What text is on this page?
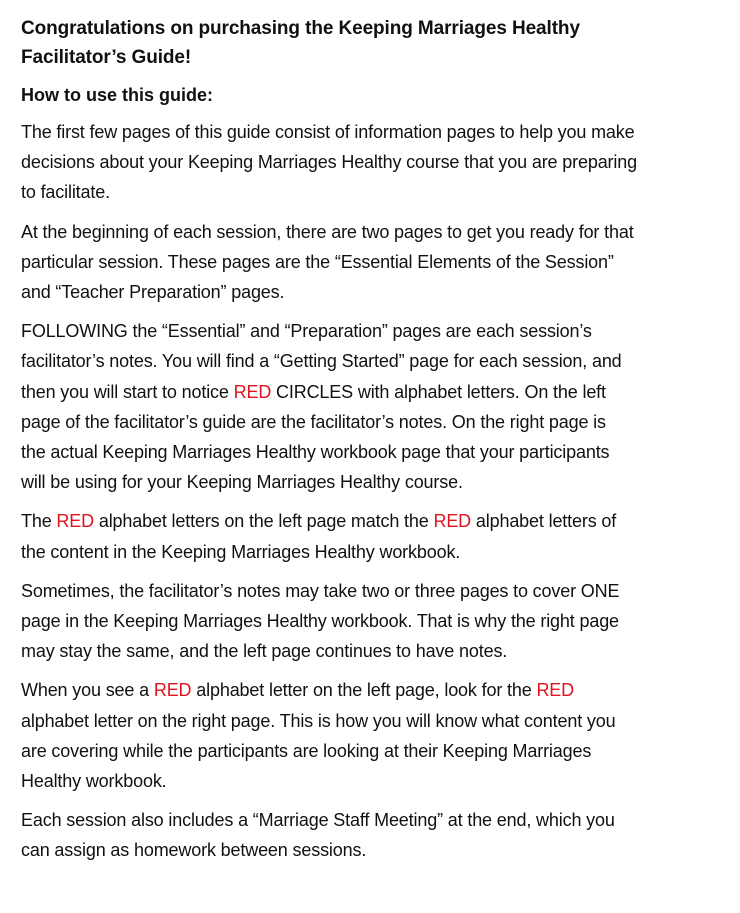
Congratulations on purchasing the Keeping Marriages Healthy
Facilitator’s Guide!
How to use this guide:
The first few pages of this guide consist of information pages to help you make
decisions about your Keeping Marriages Healthy course that you are preparing
to facilitate.
At the beginning of each session, there are two pages to get you ready for that
particular session. These pages are the “Essential Elements of the Session”
and “Teacher Preparation” pages.
FOLLOWING the “Essential” and “Preparation” pages are each session’s
facilitator’s notes. You will find a “Getting Started” page for each session, and
then you will start to notice RED CIRCLES with alphabet letters. On the left
page of the facilitator’s guide are the facilitator’s notes. On the right page is
the actual Keeping Marriages Healthy workbook page that your participants
will be using for your Keeping Marriages Healthy course.
The RED alphabet letters on the left page match the RED alphabet letters of
the content in the Keeping Marriages Healthy workbook.
Sometimes, the facilitator’s notes may take two or three pages to cover ONE
page in the Keeping Marriages Healthy workbook. That is why the right page
may stay the same, and the left page continues to have notes.
When you see a RED alphabet letter on the left page, look for the RED
alphabet letter on the right page. This is how you will know what content you
are covering while the participants are looking at their Keeping Marriages
Healthy workbook.
Each session also includes a “Marriage Staff Meeting” at the end, which you
can assign as homework between sessions.
